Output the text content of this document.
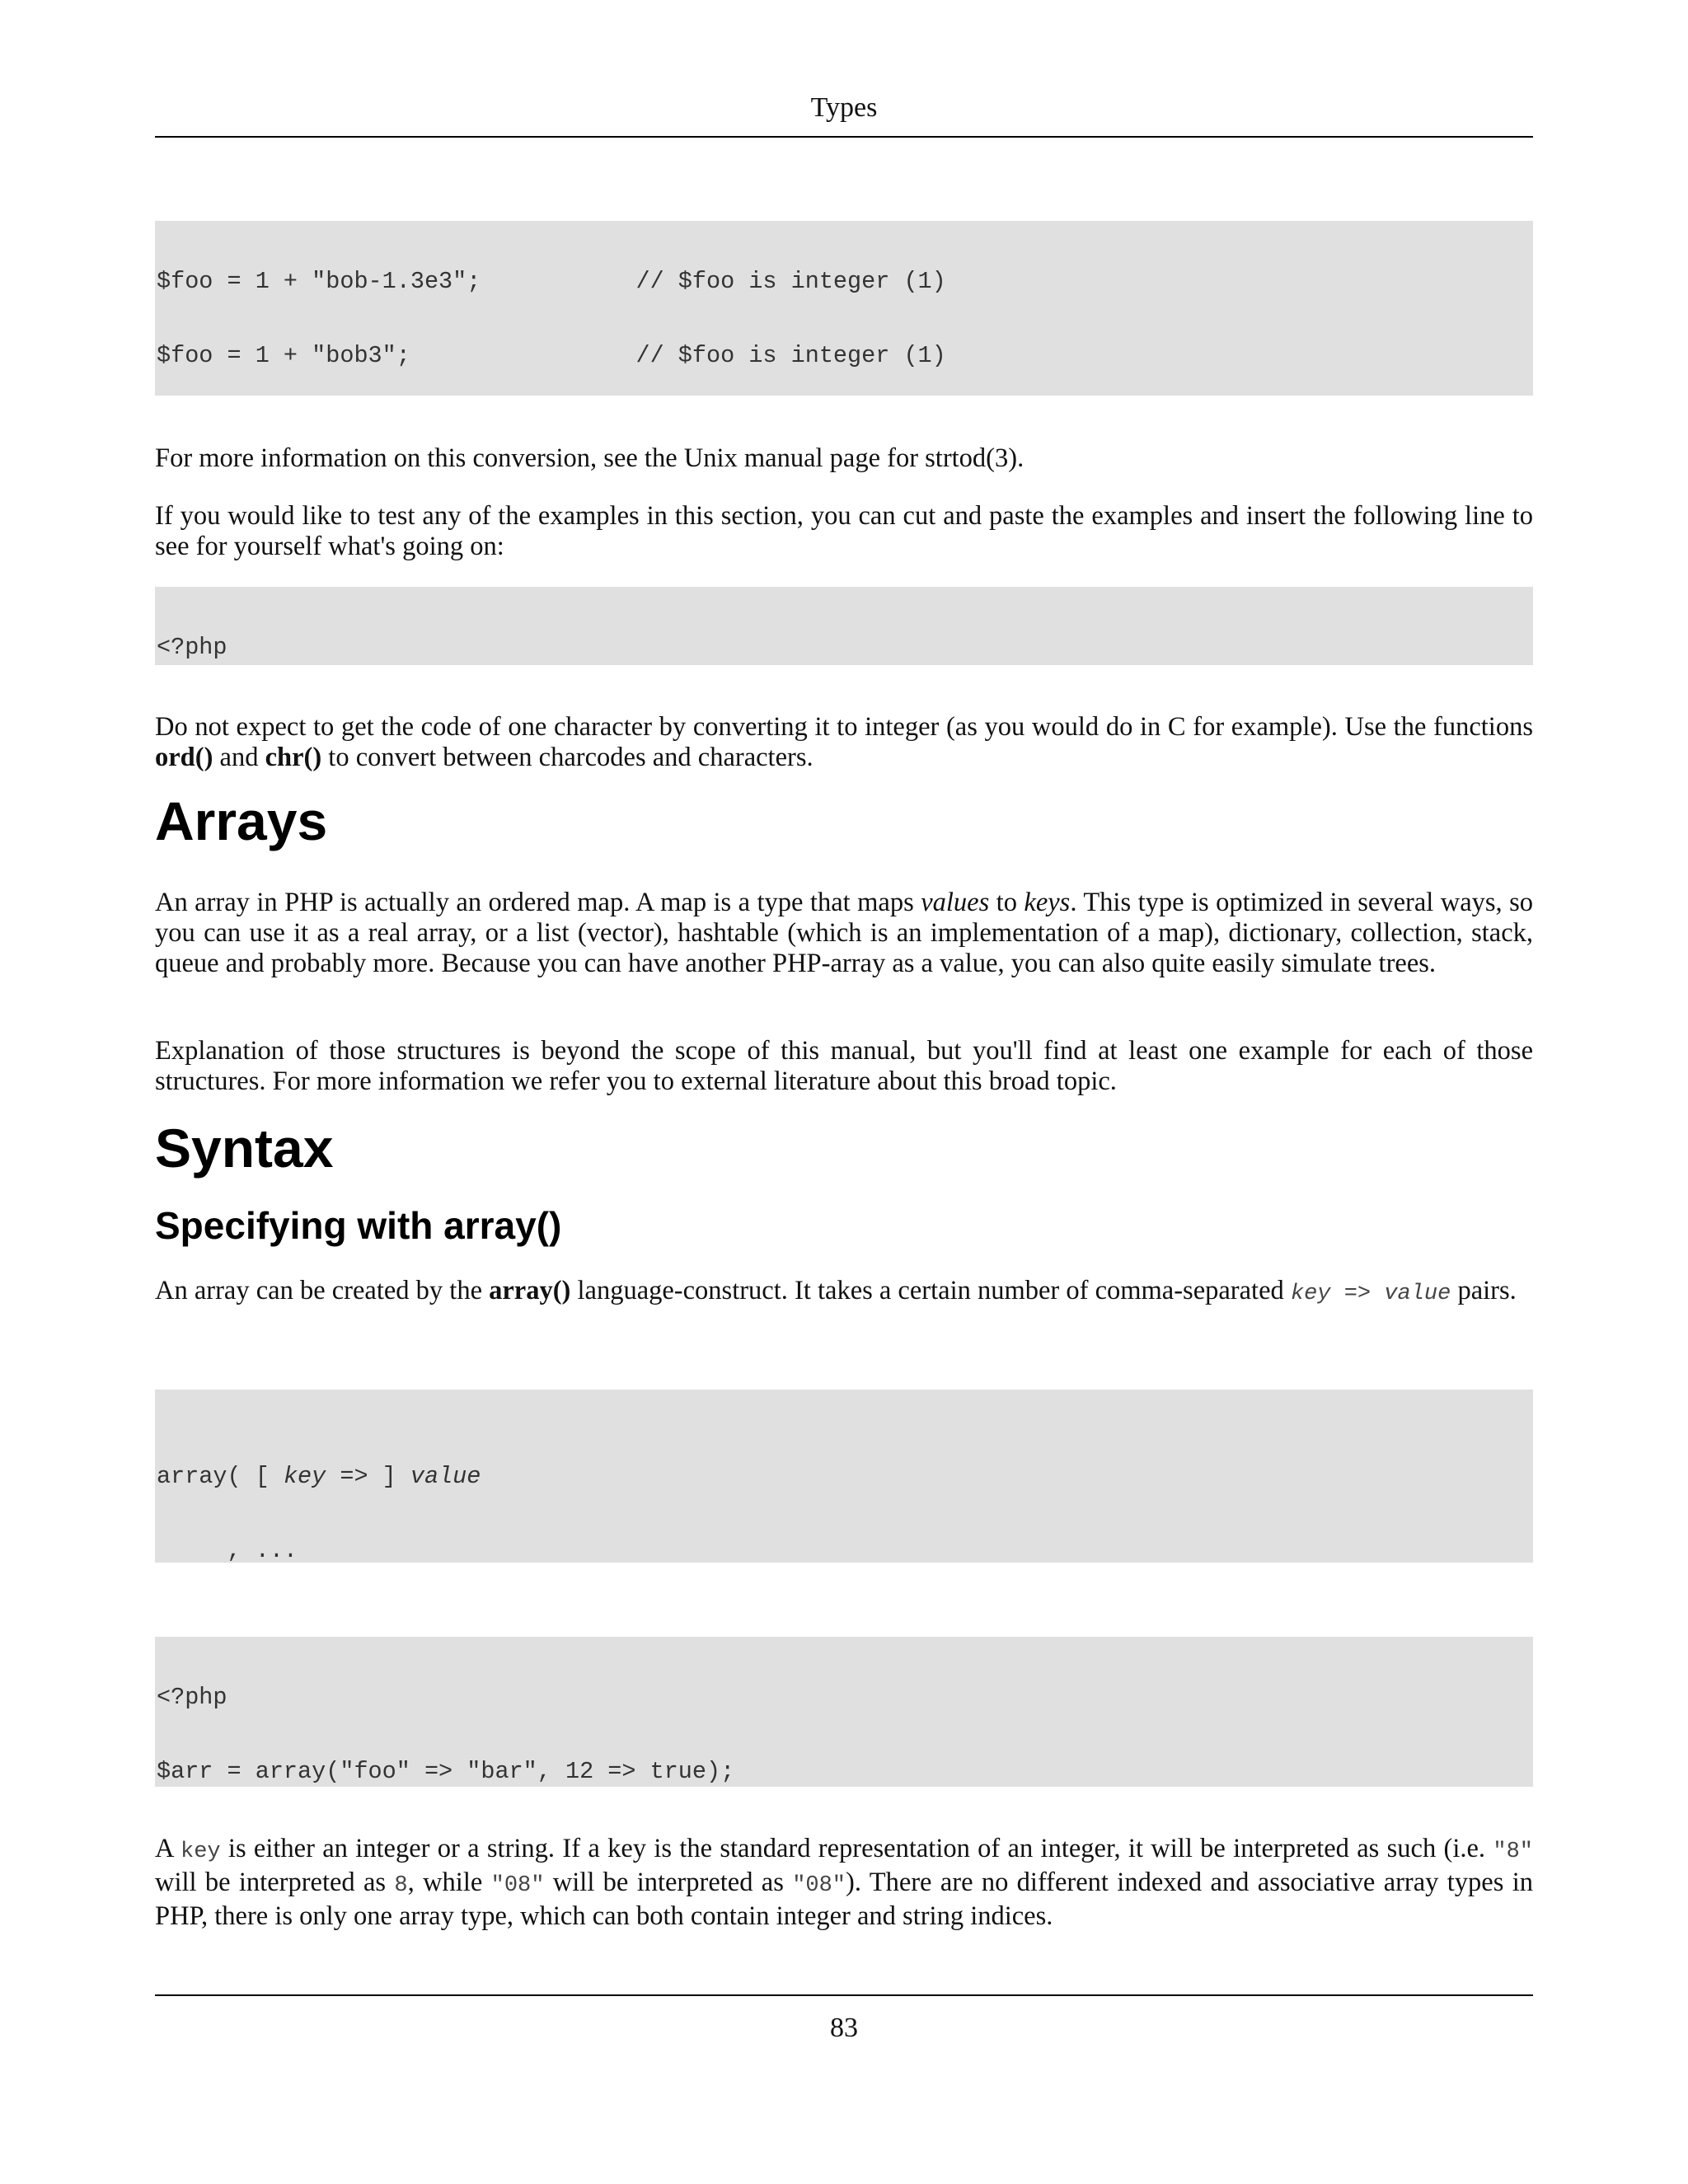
Types

$foo = 1 + "bob-1.3e3";           // $foo is integer (1)

$foo = 1 + "bob3";                // $foo is integer (1)

For more information on this conversion, see the Unix manual page for strtod(3).

If you would like to test any of the examples in this section, you can cut and paste the examples and insert the following line to see for yourself what's going on:

<?php

Do not expect to get the code of one character by converting it to integer (as you would do in C for example). Use the functions ord() and chr() to convert between charcodes and characters.

Arrays

An array in PHP is actually an ordered map. A map is a type that maps values to keys. This type is optimized in several ways, so you can use it as a real array, or a list (vector), hashtable (which is an implementation of a map), dictionary, collection, stack, queue and probably more. Because you can have another PHP-array as a value, you can also quite easily simulate trees.

Explanation of those structures is beyond the scope of this manual, but you'll find at least one example for each of those structures. For more information we refer you to external literature about this broad topic.

Syntax
Specifying with array()

An array can be created by the array() language-construct. It takes a certain number of comma-separated key => value pairs.

array( [ key => ] value

, ...

<?php

$arr = array("foo" => "bar", 12 => true);

A key is either an integer or a string. If a key is the standard representation of an integer, it will be interpreted as such (i.e. "8" will be interpreted as 8, while "08" will be interpreted as "08"). There are no different indexed and associative array types in PHP, there is only one array type, which can both contain integer and string indices.

83
